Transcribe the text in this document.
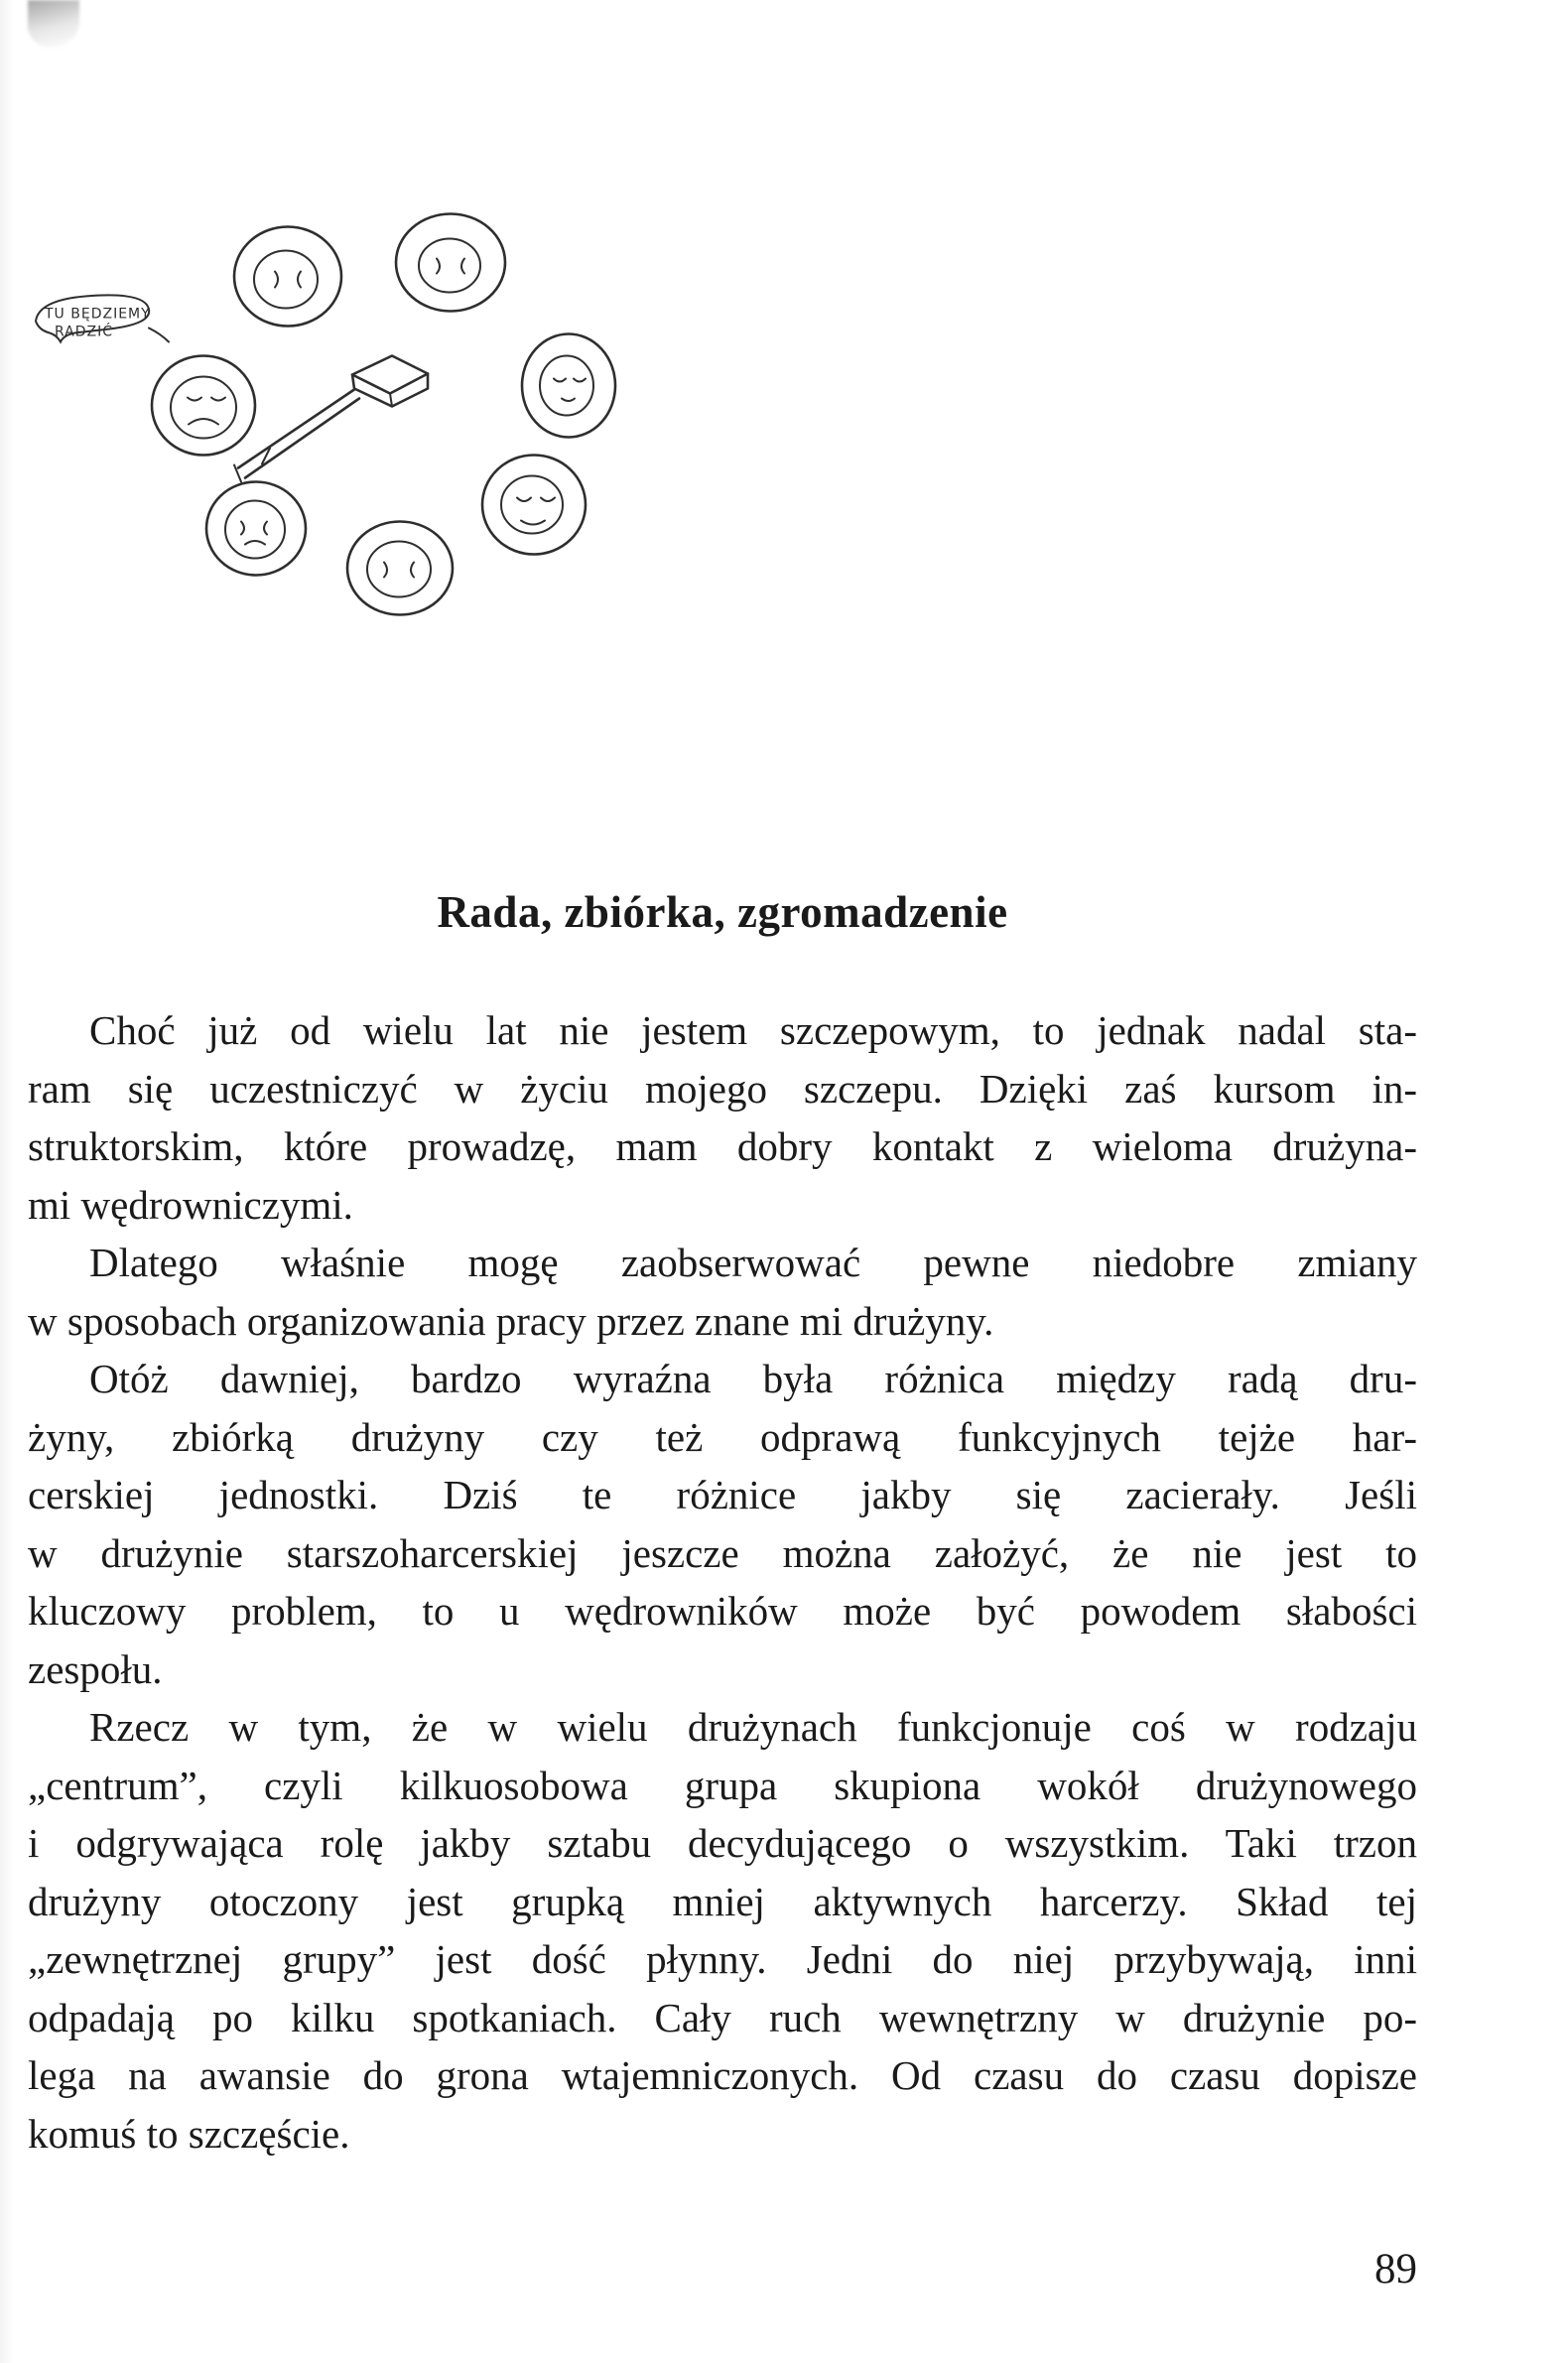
TU BĘDZIEMY
RADZIĆ
Rada, zbiórka, zgromadzenie
Choć już od wielu lat nie jestem szczepowym, to jednak nadal sta-
ram się uczestniczyć w życiu mojego szczepu. Dzięki zaś kursom in-
struktorskim, które prowadzę, mam dobry kontakt z wieloma drużyna-
mi wędrowniczymi.
Dlatego właśnie mogę zaobserwować pewne niedobre zmiany
w sposobach organizowania pracy przez znane mi drużyny.
Otóż dawniej, bardzo wyraźna była różnica między radą dru-
żyny, zbiórką drużyny czy też odprawą funkcyjnych tejże har-
cerskiej jednostki. Dziś te różnice jakby się zacierały. Jeśli
w drużynie starszoharcerskiej jeszcze można założyć, że nie jest to
kluczowy problem, to u wędrowników może być powodem słabości
zespołu.
Rzecz w tym, że w wielu drużynach funkcjonuje coś w rodzaju
„centrum”, czyli kilkuosobowa grupa skupiona wokół drużynowego
i odgrywająca rolę jakby sztabu decydującego o wszystkim. Taki trzon
drużyny otoczony jest grupką mniej aktywnych harcerzy. Skład tej
„zewnętrznej grupy” jest dość płynny. Jedni do niej przybywają, inni
odpadają po kilku spotkaniach. Cały ruch wewnętrzny w drużynie po-
lega na awansie do grona wtajemniczonych. Od czasu do czasu dopisze
komuś to szczęście.
89
